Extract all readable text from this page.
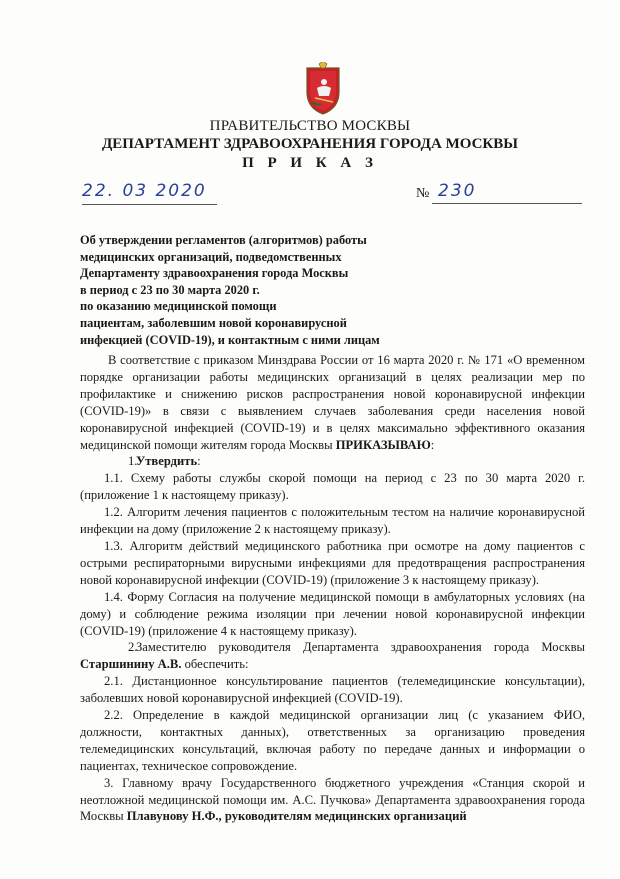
ПРАВИТЕЛЬСТВО МОСКВЫ
ДЕПАРТАМЕНТ ЗДРАВООХРАНЕНИЯ ГОРОДА МОСКВЫ
П Р И К А З
22. 03 2020	№ 230
Об утверждении регламентов (алгоритмов) работы
медицинских организаций, подведомственных
Департаменту здравоохранения города Москвы
в период с 23 по 30 марта 2020 г.
по оказанию медицинской помощи
пациентам, заболевшим новой коронавирусной
инфекцией (COVID-19), и контактным с ними лицам

В соответствие с приказом Минздрава России от 16 марта 2020 г. № 171 «О временном порядке организации работы медицинских организаций в целях реализации мер по профилактике и снижению рисков распространения новой коронавирусной инфекции (COVID-19)» в связи с выявлением случаев заболевания среди населения новой коронавирусной инфекцией (COVID-19) и в целях максимально эффективного оказания медицинской помощи жителям города Москвы ПРИКАЗЫВАЮ:

1.Утвердить:

1.1. Схему работы службы скорой помощи на период с 23 по 30 марта 2020 г. (приложение 1 к настоящему приказу).

1.2. Алгоритм лечения пациентов с положительным тестом на наличие коронавирусной инфекции на дому (приложение 2 к настоящему приказу).

1.3. Алгоритм действий медицинского работника при осмотре на дому пациентов с острыми респираторными вирусными инфекциями для предотвращения распространения новой коронавирусной инфекции (COVID-19) (приложение 3 к настоящему приказу).

1.4. Форму Согласия на получение медицинской помощи в амбулаторных условиях (на дому) и соблюдение режима изоляции при лечении новой коронавирусной инфекции (COVID-19) (приложение 4 к настоящему приказу).

2.Заместителю руководителя Департамента здравоохранения города Москвы Старшинину А.В. обеспечить:

2.1. Дистанционное консультирование пациентов (телемедицинские консультации), заболевших новой коронавирусной инфекцией (COVID-19).

2.2. Определение в каждой медицинской организации лиц (с указанием ФИО, должности, контактных данных), ответственных за организацию проведения телемедицинских консультаций, включая работу по передаче данных и информации о пациентах, техническое сопровождение.

3. Главному врачу Государственного бюджетного учреждения «Станция скорой и неотложной медицинской помощи им. А.С. Пучкова» Департамента здравоохранения города Москвы Плавунову Н.Ф., руководителям медицинских организаций
